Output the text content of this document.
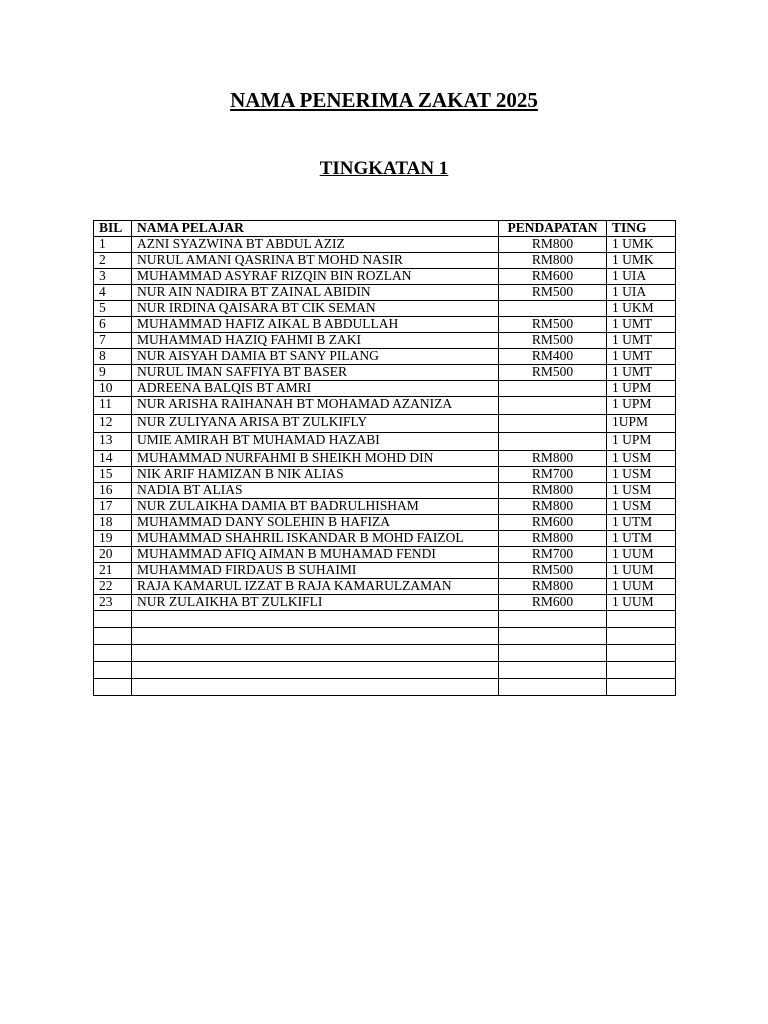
NAMA PENERIMA ZAKAT 2025
TINGKATAN 1
BIL	NAMA PELAJAR	PENDAPATAN	TING
1	AZNI SYAZWINA BT ABDUL AZIZ	RM800	1 UMK
2	NURUL AMANI QASRINA BT MOHD NASIR	RM800	1 UMK
3	MUHAMMAD ASYRAF RIZQIN BIN ROZLAN	RM600	1 UIA
4	NUR AIN NADIRA BT ZAINAL ABIDIN	RM500	1 UIA
5	NUR IRDINA QAISARA BT CIK SEMAN		1 UKM
6	MUHAMMAD HAFIZ AIKAL B ABDULLAH	RM500	1 UMT
7	MUHAMMAD HAZIQ FAHMI B ZAKI	RM500	1 UMT
8	NUR AISYAH DAMIA BT SANY PILANG	RM400	1 UMT
9	NURUL IMAN SAFFIYA BT BASER	RM500	1 UMT
10	ADREENA BALQIS BT AMRI		1 UPM
11	NUR ARISHA RAIHANAH BT MOHAMAD AZANIZA		1 UPM
12	NUR ZULIYANA ARISA BT ZULKIFLY		1UPM
13	UMIE AMIRAH BT MUHAMAD HAZABI		1 UPM
14	MUHAMMAD NURFAHMI B SHEIKH MOHD DIN	RM800	1 USM
15	NIK ARIF HAMIZAN B NIK ALIAS	RM700	1 USM
16	NADIA BT ALIAS	RM800	1 USM
17	NUR ZULAIKHA DAMIA BT BADRULHISHAM	RM800	1 USM
18	MUHAMMAD DANY SOLEHIN B HAFIZA	RM600	1 UTM
19	MUHAMMAD SHAHRIL ISKANDAR B MOHD FAIZOL	RM800	1 UTM
20	MUHAMMAD AFIQ AIMAN B MUHAMAD FENDI	RM700	1 UUM
21	MUHAMMAD FIRDAUS B SUHAIMI	RM500	1 UUM
22	RAJA KAMARUL IZZAT B RAJA KAMARULZAMAN	RM800	1 UUM
23	NUR ZULAIKHA BT ZULKIFLI	RM600	1 UUM
